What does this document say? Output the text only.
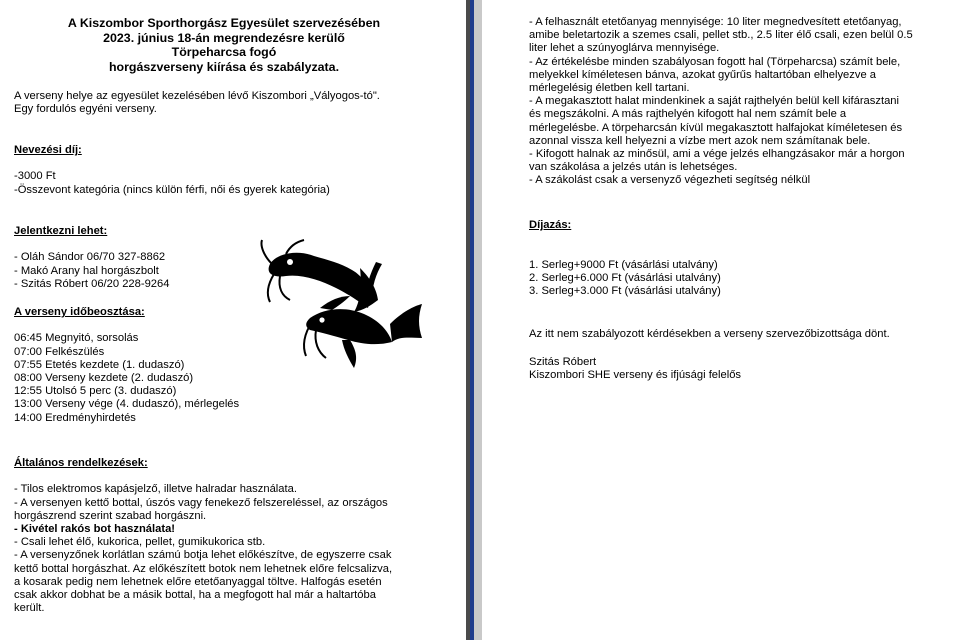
A Kiszombor Sporthorgász Egyesület szervezésében
2023. június 18-án megrendezésre kerülő
Törpeharcsa fogó
horgászverseny kiírása és szabályzata.
A verseny helye az egyesület kezelésében lévő Kiszombori „Vályogos-tó".
Egy fordulós egyéni verseny.
Nevezési díj:
-3000 Ft
-Összevont kategória (nincs külön férfi, női és gyerek kategória)
Jelentkezni lehet:
- Oláh Sándor 06/70 327-8862
- Makó Arany hal horgászbolt
- Szitás Róbert 06/20 228-9264
A verseny időbeosztása:
06:45 Megnyitó, sorsolás
07:00 Felkészülés
07:55 Etetés kezdete (1. dudaszó)
08:00 Verseny kezdete (2. dudaszó)
12:55 Utolsó 5 perc (3. dudaszó)
13:00 Verseny vége (4. dudaszó), mérlegelés
14:00 Eredményhirdetés
Általános rendelkezések:
- Tilos elektromos kapásjelző, illetve halradar használata.
- A versenyen kettő bottal, úszós vagy fenekező felszereléssel, az országos
horgászrend szerint szabad horgászni.
- Kivétel rakós bot használata!
- Csali lehet élő, kukorica, pellet, gumikukorica stb.
- A versenyzőnek korlátlan számú botja lehet előkészítve, de egyszerre csak
kettő bottal horgászhat. Az előkészített botok nem lehetnek előre felcsalizva,
a kosarak pedig nem lehetnek előre etetőanyaggal töltve. Halfogás esetén
csak akkor dobhat be a másik bottal, ha a megfogott hal már a haltartóba
került.
- A felhasznált etetőanyag mennyisége: 10 liter megnedvesített etetőanyag,
amibe beletartozik a szemes csali, pellet stb., 2.5 liter élő csali, ezen belül 0.5
liter lehet a szúnyoglárva mennyisége.
- Az értékelésbe minden szabályosan fogott hal (Törpeharcsa) számít bele,
melyekkel kíméletesen bánva, azokat gyűrűs haltartóban elhelyezve a
mérlegelésig életben kell tartani.
- A megakasztott halat mindenkinek a saját rajthelyén belül kell kifárasztani
és megszákolni. A más rajthelyén kifogott hal nem számít bele a
mérlegelésbe. A törpeharcsán kívül megakasztott halfajokat kíméletesen és
azonnal vissza kell helyezni a vízbe mert azok nem számítanak bele.
- Kifogott halnak az minősül, ami a vége jelzés elhangzásakor már a horgon
van szákolása a jelzés után is lehetséges.
- A szákolást csak a versenyző végezheti segítség nélkül
Díjazás:
1. Serleg+9000 Ft (vásárlási utalvány)
2. Serleg+6.000 Ft (vásárlási utalvány)
3. Serleg+3.000 Ft (vásárlási utalvány)
Az itt nem szabályozott kérdésekben a verseny szervezőbizottsága dönt.
Szitás Róbert
Kiszombori SHE verseny és ifjúsági felelős
